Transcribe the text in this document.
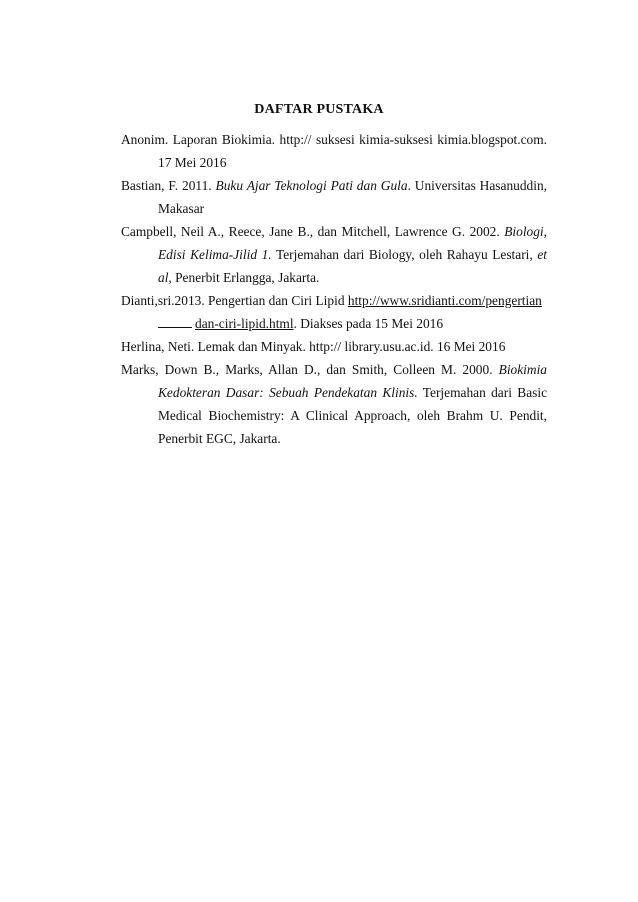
DAFTAR PUSTAKA

Anonim. Laporan Biokimia. http:// suksesi kimia-suksesi kimia.blogspot.com. 17 Mei 2016

Bastian, F. 2011. Buku Ajar Teknologi Pati dan Gula. Universitas Hasanuddin, Makasar

Campbell, Neil A., Reece, Jane B., dan Mitchell, Lawrence G. 2002. Biologi, Edisi Kelima-Jilid 1. Terjemahan dari Biology, oleh Rahayu Lestari, et al, Penerbit Erlangga, Jakarta.

Dianti,sri.2013. Pengertian dan Ciri Lipid http://www.sridianti.com/pengertian
dan-ciri-lipid.html. Diakses pada 15 Mei 2016

Herlina, Neti. Lemak dan Minyak. http:// library.usu.ac.id. 16 Mei 2016

Marks, Down B., Marks, Allan D., dan Smith, Colleen M. 2000. Biokimia Kedokteran Dasar: Sebuah Pendekatan Klinis. Terjemahan dari Basic Medical Biochemistry: A Clinical Approach, oleh Brahm U. Pendit, Penerbit EGC, Jakarta.
